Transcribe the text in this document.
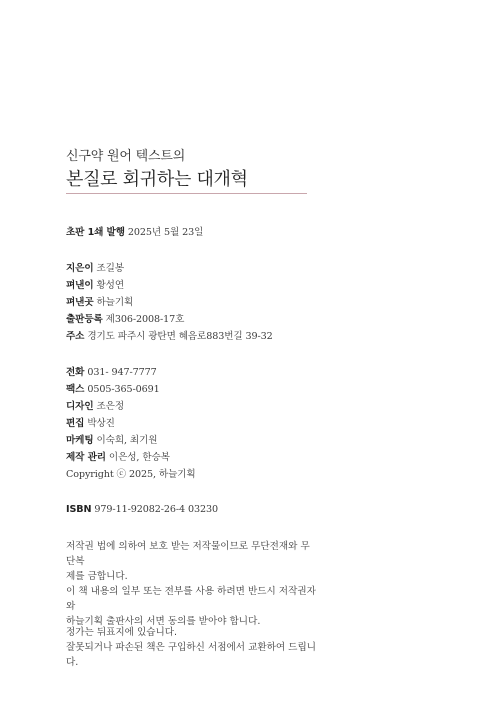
신구약 원어 텍스트의
본질로 회귀하는 대개혁
초판 1쇄 발행 2025년 5월 23일
지은이 조길봉
펴낸이 황성연
펴낸곳 하늘기획
출판등록 제306-2008-17호
주소 경기도 파주시 광탄면 혜음로883번길 39-32
전화 031- 947-7777
팩스 0505-365-0691
디자인 조은정
편집 박상진
마케팅 이숙희, 최기원
제작 관리 이은성, 한승복
Copyright ⓒ 2025, 하늘기획
ISBN 979-11-92082-26-4 03230
저작권 법에 의하여 보호 받는 저작물이므로 무단전재와 무단복
제를 금합니다.
이 책 내용의 일부 또는 전부를 사용 하려면 반드시 저작권자와
하늘기획 출판사의 서면 동의를 받아야 합니다.
정가는 뒤표지에 있습니다.
잘못되거나 파손된 책은 구입하신 서점에서 교환하여 드립니다.
